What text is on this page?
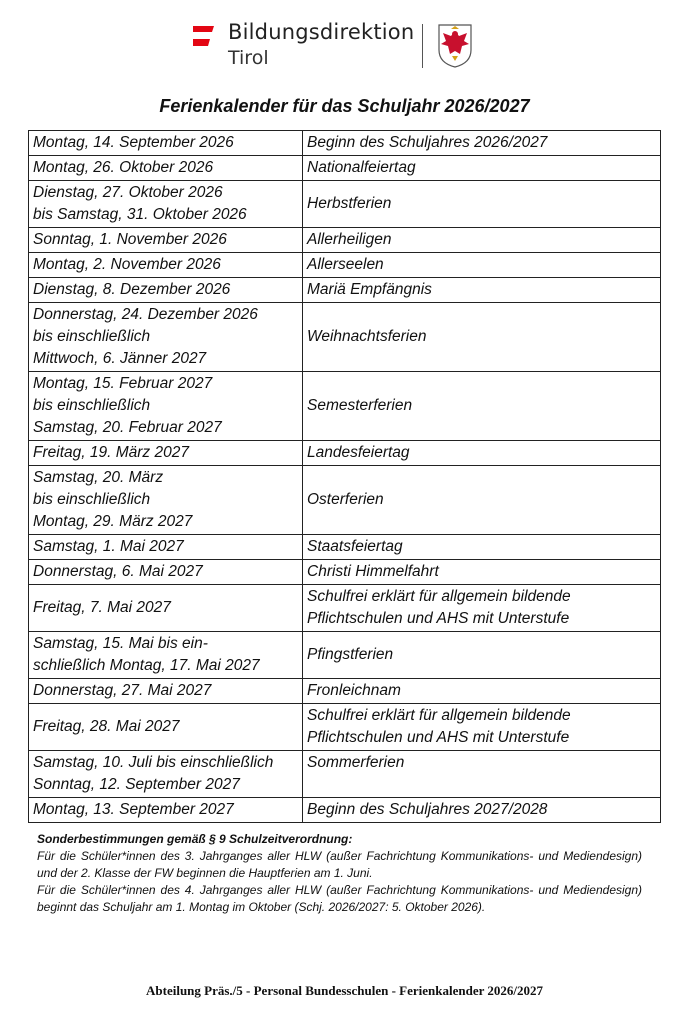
Bildungsdirektion
Tirol
Ferienkalender für das Schuljahr 2026/2027
Montag, 14. September 2026	Beginn des Schuljahres 2026/2027

Montag, 26. Oktober 2026	Nationalfeiertag

Dienstag, 27. Oktober 2026
bis Samstag, 31. Oktober 2026	Herbstferien

Sonntag, 1. November 2026	Allerheiligen

Montag, 2. November 2026	Allerseelen

Dienstag, 8. Dezember 2026	Mariä Empfängnis

Donnerstag, 24. Dezember 2026
bis einschließlich
Mittwoch, 6. Jänner 2027	Weihnachtsferien

Montag, 15. Februar 2027
bis einschließlich
Samstag, 20. Februar 2027	Semesterferien

Freitag, 19. März 2027	Landesfeiertag

Samstag, 20. März
bis einschließlich
Montag, 29. März 2027	Osterferien

Samstag, 1. Mai 2027	Staatsfeiertag

Donnerstag, 6. Mai 2027	Christi Himmelfahrt

Freitag, 7. Mai 2027	Schulfrei erklärt für allgemein bildende
Pflichtschulen und AHS mit Unterstufe

Samstag, 15. Mai bis ein-
schließlich Montag, 17. Mai 2027	Pfingstferien

Donnerstag, 27. Mai 2027	Fronleichnam

Freitag, 28. Mai 2027	Schulfrei erklärt für allgemein bildende
Pflichtschulen und AHS mit Unterstufe

Samstag, 10. Juli bis einschließlich
Sonntag, 12. September 2027	Sommerferien

Montag, 13. September 2027	Beginn des Schuljahres 2027/2028
Sonderbestimmungen gemäß § 9 Schulzeitverordnung:

Für die Schüler*innen des 3. Jahrganges aller HLW (außer Fachrichtung Kommunikations- und Mediendesign) und der 2. Klasse der FW beginnen die Hauptferien am 1. Juni.

Für die Schüler*innen des 4. Jahrganges aller HLW (außer Fachrichtung Kommunikations- und Mediendesign) beginnt das Schuljahr am 1. Montag im Oktober (Schj. 2026/2027: 5. Oktober 2026).

Abteilung Präs./5 - Personal Bundesschulen - Ferienkalender 2026/2027
